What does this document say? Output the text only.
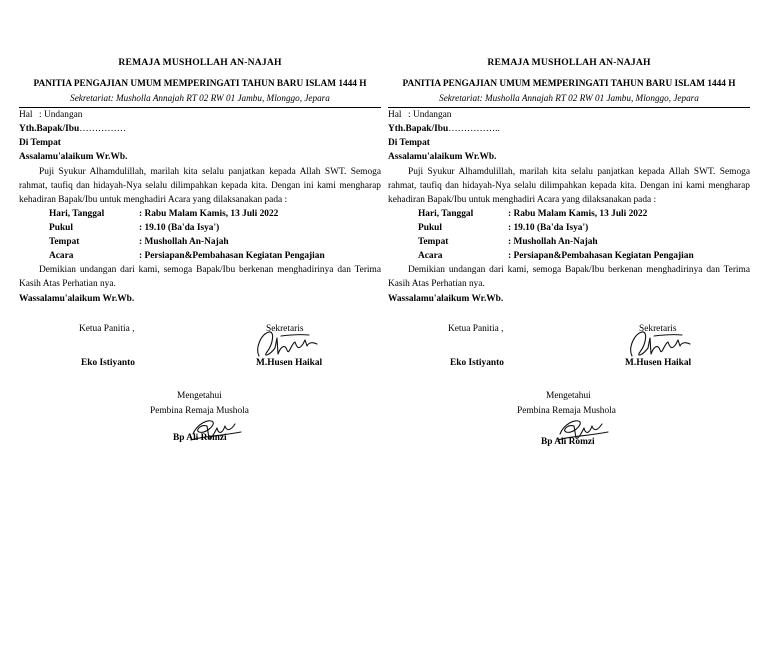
REMAJA MUSHOLLAH AN-NAJAH
PANITIA PENGAJIAN UMUM MEMPERINGATI TAHUN BARU ISLAM 1444 H
Sekretariat: Musholla Annajah RT 02 RW 01 Jambu, Mlonggo, Jepara
Hal : Undangan
Yth.Bapak/Ibu……………
Di Tempat
Assalamu'alaikum Wr.Wb.
Puji Syukur Alhamdulillah, marilah kita selalu panjatkan kepada Allah SWT. Semoga rahmat, taufiq dan hidayah-Nya selalu dilimpahkan kepada kita. Dengan ini kami mengharap kehadiran Bapak/Ibu untuk menghadiri Acara yang dilaksanakan pada :
Hari, Tanggal	: Rabu Malam Kamis, 13 Juli 2022
Pukul	: 19.10 (Ba'da Isya')
Tempat	: Mushollah An-Najah
Acara	: Persiapan&Pembahasan Kegiatan Pengajian
Demikian undangan dari kami, semoga Bapak/Ibu berkenan menghadirinya dan Terima Kasih Atas Perhatian nya.
Wassalamu'alaikum Wr.Wb.
Ketua Panitia ,	Sekretaris
Eko Istiyanto	M.Husen Haikal
Mengetahui
Pembina Remaja Mushola
Bp Ali Romzi
REMAJA MUSHOLLAH AN-NAJAH
PANITIA PENGAJIAN UMUM MEMPERINGATI TAHUN BARU ISLAM 1444 H
Sekretariat: Musholla Annajah RT 02 RW 01 Jambu, Mlonggo, Jepara
Hal : Undangan
Yth.Bapak/Ibu……………..
Di Tempat
Assalamu'alaikum Wr.Wb.
Puji Syukur Alhamdulillah, marilah kita selalu panjatkan kepada Allah SWT. Semoga rahmat, taufiq dan hidayah-Nya selalu dilimpahkan kepada kita. Dengan ini kami mengharap kehadiran Bapak/Ibu untuk menghadiri Acara yang dilaksanakan pada :
Hari, Tanggal	: Rabu Malam Kamis, 13 Juli 2022
Pukul	: 19.10 (Ba'da Isya')
Tempat	: Mushollah An-Najah
Acara	: Persiapan&Pembahasan Kegiatan Pengajian
Demikian undangan dari kami, semoga Bapak/Ibu berkenan menghadirinya dan Terima Kasih Atas Perhatian nya.
Wassalamu'alaikum Wr.Wb.
Ketua Panitia ,	Sekretaris
Eko Istiyanto	M.Husen Haikal
Mengetahui
Pembina Remaja Mushola
Bp Ali Romzi
